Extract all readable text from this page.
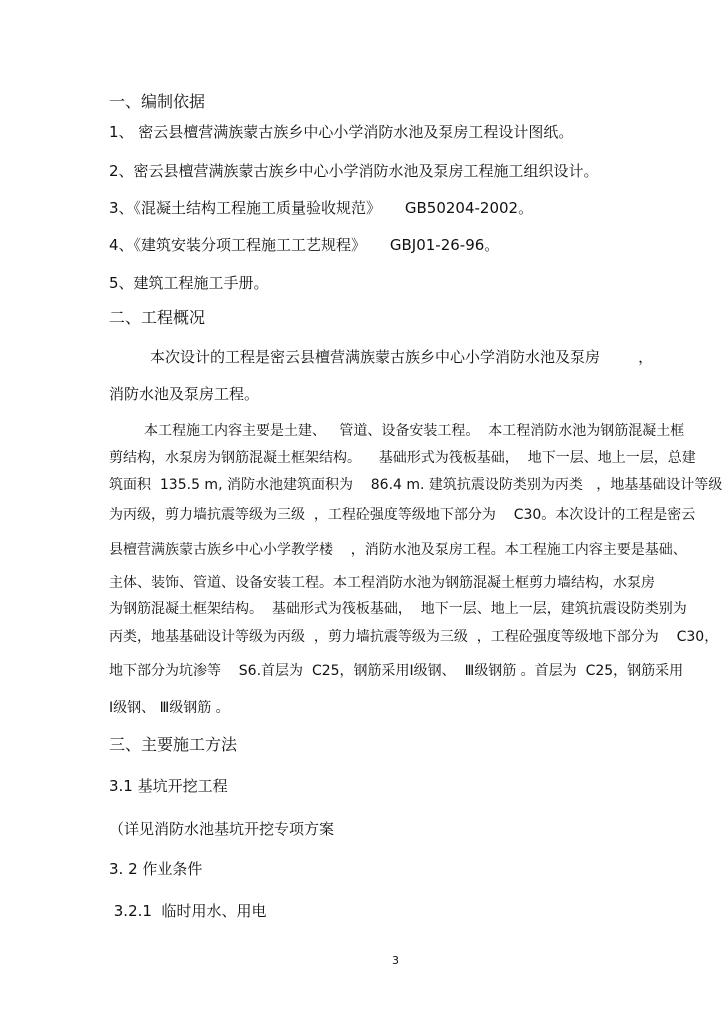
一、编制依据
1、 密云县檀营满族蒙古族乡中心小学消防水池及泵房工程设计图纸。
2、密云县檀营满族蒙古族乡中心小学消防水池及泵房工程施工组织设计。
3、《混凝土结构工程施工质量验收规范》     GB50204-2002。
4、《建筑安装分项工程施工工艺规程》     GBJ01-26-96。
5、建筑工程施工手册。
二、工程概况
本次设计的工程是密云县檀营满族蒙古族乡中心小学消防水池及泵房        ，
消防水池及泵房工程。
本工程施工内容主要是土建、   管道、设备安装工程。  本工程消防水池为钢筋混凝土框
剪结构，水泵房为钢筋混凝土框架结构。    基础形式为筏板基础，  地下一层、地上一层，总建
筑面积  135.5 m, 消防水池建筑面积为    86.4 m. 建筑抗震设防类别为丙类   ，地基基础设计等级
为丙级，剪力墙抗震等级为三级  ，工程砼强度等级地下部分为    C30。本次设计的工程是密云
县檀营满族蒙古族乡中心小学教学楼    ，消防水池及泵房工程。本工程施工内容主要是基础、
主体、装饰、管道、设备安装工程。本工程消防水池为钢筋混凝土框剪力墙结构，水泵房
为钢筋混凝土框架结构。  基础形式为筏板基础，  地下一层、地上一层，建筑抗震设防类别为
丙类，地基基础设计等级为丙级  ，剪力墙抗震等级为三级  ，工程砼强度等级地下部分为    C30，
地下部分为坑渗等    S6.首层为  C25，钢筋采用Ⅰ级钢、  Ⅲ级钢筋 。首层为  C25，钢筋采用
Ⅰ级钢、 Ⅲ级钢筋 。
三、主要施工方法
3.1 基坑开挖工程
（详见消防水池基坑开挖专项方案
3. 2 作业条件
3.2.1  临时用水、用电
3
